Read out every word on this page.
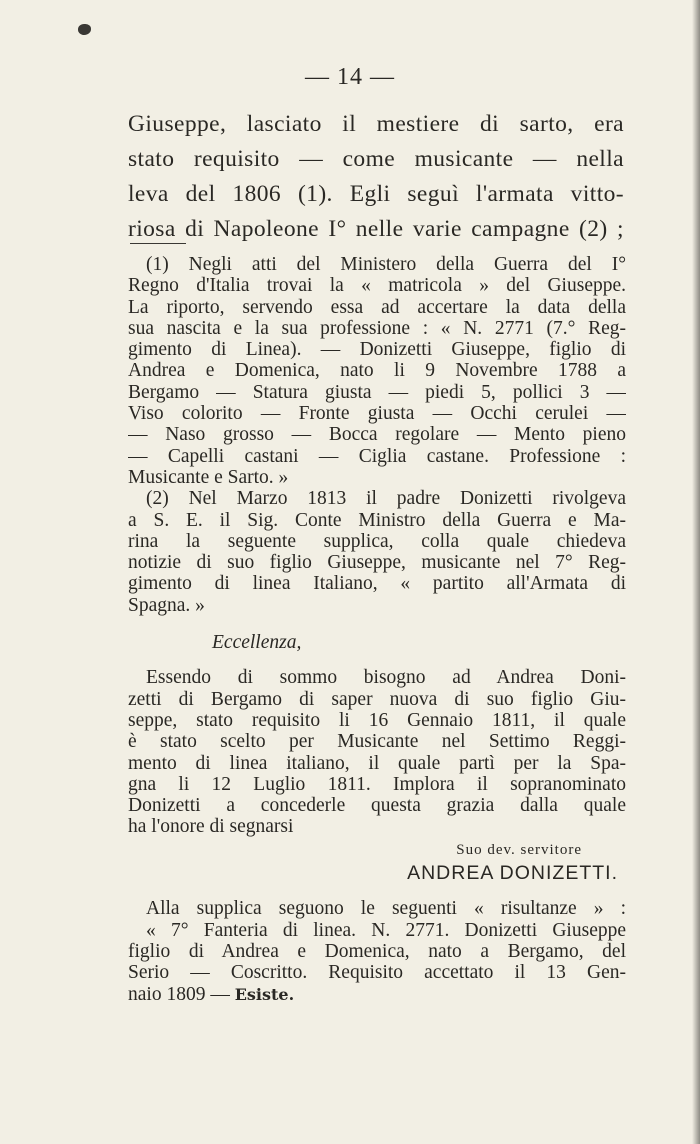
— 14 —

Giuseppe, lasciato il mestiere di sarto, era
stato requisito — come musicante — nella
leva del 1806 (1). Egli seguì l'armata vitto-
riosa di Napoleone I° nelle varie campagne (2) ;

(1) Negli atti del Ministero della Guerra del I°
Regno d'Italia trovai la « matricola » del Giuseppe.
La riporto, servendo essa ad accertare la data della
sua nascita e la sua professione : « N. 2771 (7.° Reg-
gimento di Linea). — Donizetti Giuseppe, figlio di
Andrea e Domenica, nato li 9 Novembre 1788 a
Bergamo — Statura giusta — piedi 5, pollici 3 —
Viso colorito — Fronte giusta — Occhi cerulei —
— Naso grosso — Bocca regolare — Mento pieno
— Capelli castani — Ciglia castane. Professione :
Musicante e Sarto. »
(2) Nel Marzo 1813 il padre Donizetti rivolgeva
a S. E. il Sig. Conte Ministro della Guerra e Ma-
rina la seguente supplica, colla quale chiedeva
notizie di suo figlio Giuseppe, musicante nel 7° Reg-
gimento di linea Italiano, « partito all'Armata di
Spagna. »
Eccellenza,
Essendo di sommo bisogno ad Andrea Doni-
zetti di Bergamo di saper nuova di suo figlio Giu-
seppe, stato requisito li 16 Gennaio 1811, il quale
è stato scelto per Musicante nel Settimo Reggi-
mento di linea italiano, il quale partì per la Spa-
gna li 12 Luglio 1811. Implora il sopranominato
Donizetti a concederle questa grazia dalla quale
ha l'onore di segnarsi
Suo dev. servitore
ANDREA DONIZETTI.
Alla supplica seguono le seguenti « risultanze » :
« 7° Fanteria di linea. N. 2771. Donizetti Giuseppe
figlio di Andrea e Domenica, nato a Bergamo, del
Serio — Coscritto. Requisito accettato il 13 Gen-
naio 1809 — Esiste.
